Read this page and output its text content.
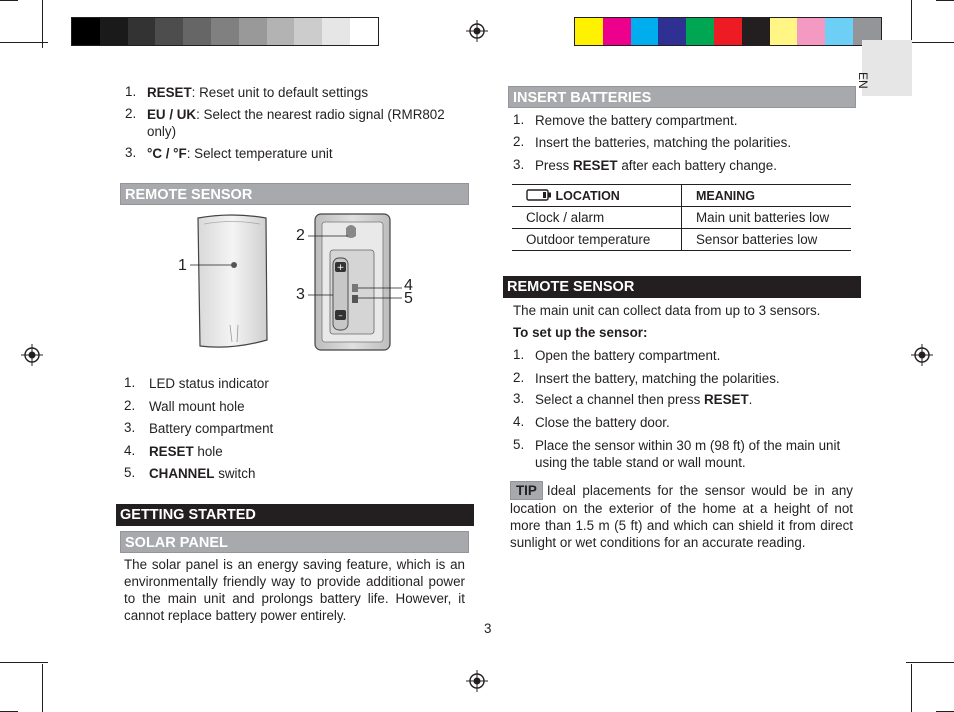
EN
1. RESET: Reset unit to default settings
2. EU / UK: Select the nearest radio signal (RMR802
only)
3. °C / °F: Select temperature unit
REMOTE SENSOR
+
–
1
2
3
4
5
1. LED status indicator
2. Wall mount hole
3. Battery compartment
4. RESET hole
5. CHANNEL switch
GETTING STARTED
SOLAR PANEL
The solar panel is an energy saving feature, which is an environmentally friendly way to provide additional power to the main unit and prolongs battery life. However, it cannot replace battery power entirely.
3
INSERT BATTERIES
1. Remove the battery compartment.
2. Insert the batteries, matching the polarities.
3. Press RESET after each battery change.
LOCATION	MEANING
Clock / alarm	Main unit batteries low
Outdoor temperature	Sensor batteries low
REMOTE SENSOR
The main unit can collect data from up to 3 sensors.
To set up the sensor:
1. Open the battery compartment.
2. Insert the battery, matching the polarities.
3. Select a channel then press RESET.
4. Close the battery door.
5. Place the sensor within 30 m (98 ft) of the main unit
using the table stand or wall mount.
TIP Ideal placements for the sensor would be in any location on the exterior of the home at a height of not more than 1.5 m (5 ft) and which can shield it from direct sunlight or wet conditions for an accurate reading.
